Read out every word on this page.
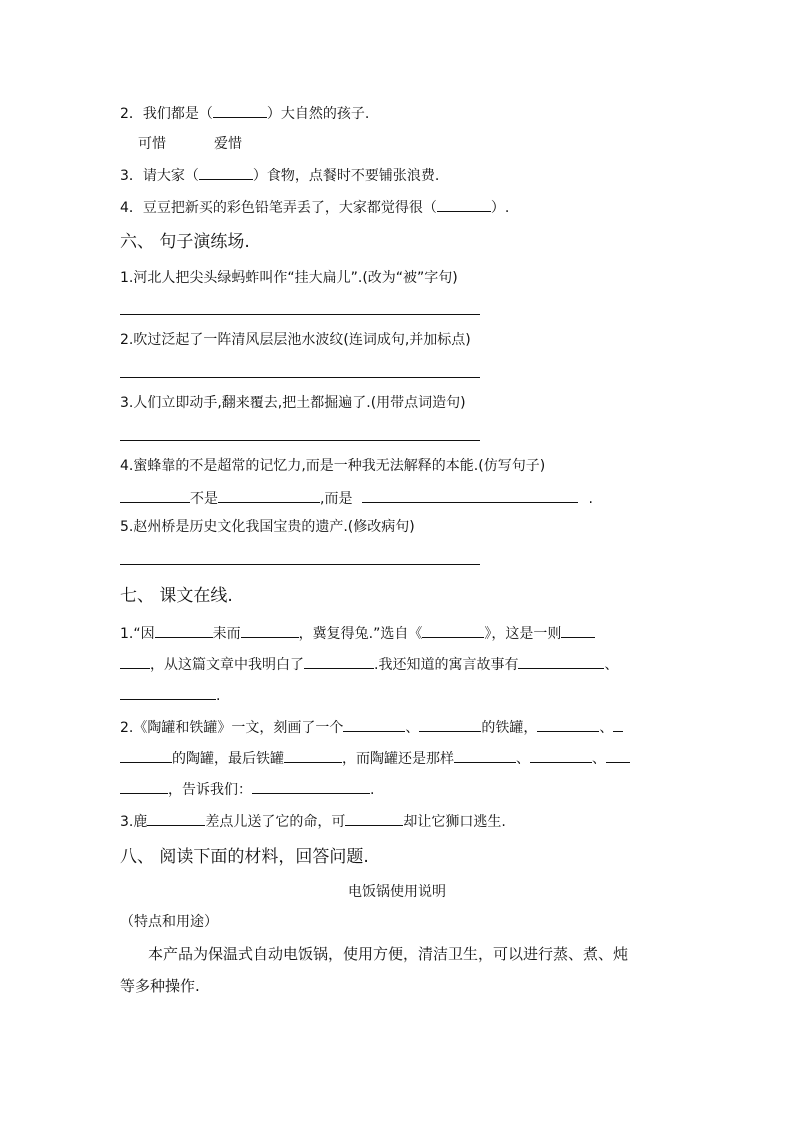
2．我们都是（	）大自然的孩子.
可惜	爱惜
3．请大家（	）食物，点餐时不要铺张浪费.
4．豆豆把新买的彩色铅笔弄丢了，大家都觉得很（	）.
六、 句子演练场.
1.河北人把尖头绿蚂蚱叫作“挂大扁儿”.(改为“被”字句)
2.吹过泛起了一阵清风层层池水波纹(连词成句,并加标点)
3.人们立即动手,翻来覆去,把土都掘遍了.(用带点词造句)
4.蜜蜂靠的不是超常的记忆力,而是一种我无法解释的本能.(仿写句子)
不是	,而是	.
5.赵州桥是历史文化我国宝贵的遗产.(修改病句)
七、 课文在线.
1.“因	耒而	，冀复得兔.”选自《	》，这是一则
，从这篇文章中我明白了	.我还知道的寓言故事有	、
.
2.《陶罐和铁罐》一文，刻画了一个	、	的铁罐，	、
的陶罐，最后铁罐	，而陶罐还是那样	、	、
，告诉我们：	.
3.鹿	差点儿送了它的命，可	却让它狮口逃生.
八、 阅读下面的材料，回答问题.
电饭锅使用说明
（特点和用途）
本产品为保温式自动电饭锅，使用方便，清洁卫生，可以进行蒸、煮、炖
等多种操作.
